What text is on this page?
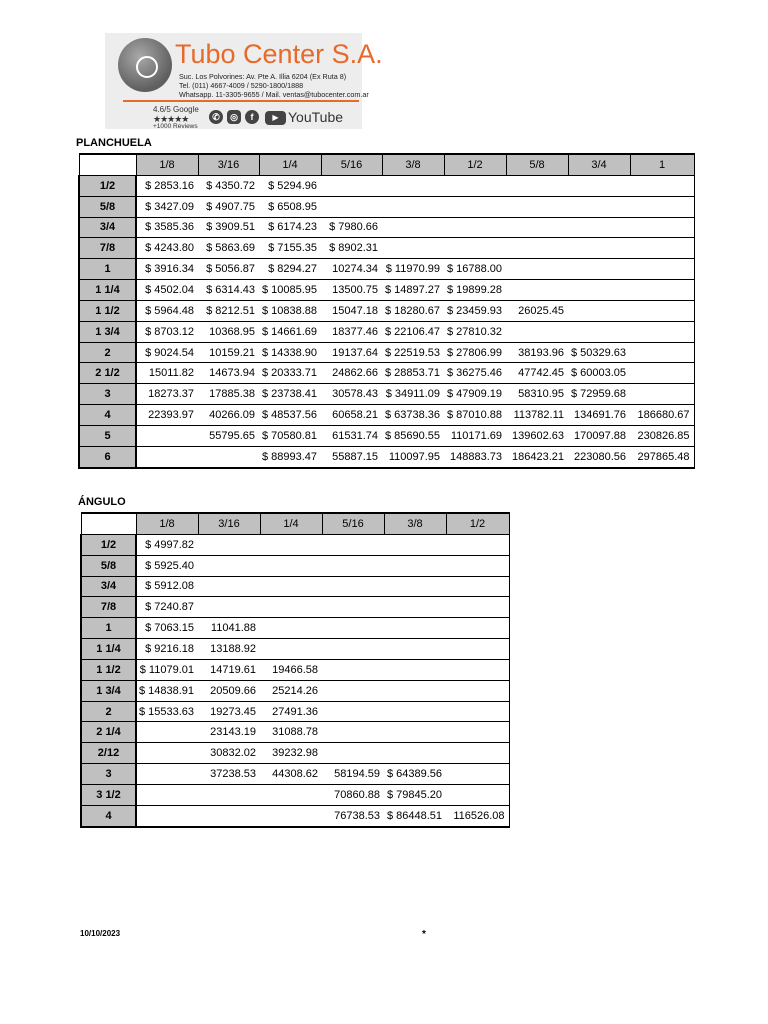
Tubo Center S.A.
Suc. Los Polvorines: Av. Pte A. Illia 6204 (Ex Ruta 8)
Tel. (011) 4667-4009 / 5290-1800/1888
Whatsapp. 11-3305-9655 / Mail. ventas@tubocenter.com.ar
4.6/5 Google
★★★★★
+1000 Reviews
✆	◎	f	▶ YouTube
PLANCHUELA
	1/8	3/16	1/4	5/16	3/8	1/2	5/8	3/4	1
1/2	$ 2853.16	$ 4350.72	$ 5294.96						
5/8	$ 3427.09	$ 4907.75	$ 6508.95						
3/4	$ 3585.36	$ 3909.51	$ 6174.23	$ 7980.66					
7/8	$ 4243.80	$ 5863.69	$ 7155.35	$ 8902.31					
1	$ 3916.34	$ 5056.87	$ 8294.27	10274.34	$ 11970.99	$ 16788.00			
1 1/4	$ 4502.04	$ 6314.43	$ 10085.95	13500.75	$ 14897.27	$ 19899.28			
1 1/2	$ 5964.48	$ 8212.51	$ 10838.88	15047.18	$ 18280.67	$ 23459.93	26025.45		
1 3/4	$ 8703.12	10368.95	$ 14661.69	18377.46	$ 22106.47	$ 27810.32			
2	$ 9024.54	10159.21	$ 14338.90	19137.64	$ 22519.53	$ 27806.99	38193.96	$ 50329.63	
2 1/2	15011.82	14673.94	$ 20333.71	24862.66	$ 28853.71	$ 36275.46	47742.45	$ 60003.05	
3	18273.37	17885.38	$ 23738.41	30578.43	$ 34911.09	$ 47909.19	58310.95	$ 72959.68	
4	22393.97	40266.09	$ 48537.56	60658.21	$ 63738.36	$ 87010.88	113782.11	134691.76	186680.67
5		55795.65	$ 70580.81	61531.74	$ 85690.55	110171.69	139602.63	170097.88	230826.85
6			$ 88993.47	55887.15	110097.95	148883.73	186423.21	223080.56	297865.48
ÁNGULO
	1/8	3/16	1/4	5/16	3/8	1/2
1/2	$ 4997.82					
5/8	$ 5925.40					
3/4	$ 5912.08					
7/8	$ 7240.87					
1	$ 7063.15	11041.88				
1 1/4	$ 9216.18	13188.92				
1 1/2	$ 11079.01	14719.61	19466.58			
1 3/4	$ 14838.91	20509.66	25214.26			
2	$ 15533.63	19273.45	27491.36			
2 1/4		23143.19	31088.78			
2/12		30832.02	39232.98			
3		37238.53	44308.62	58194.59	$ 64389.56	
3 1/2				70860.88	$ 79845.20	
4				76738.53	$ 86448.51	116526.08
10/10/2023	*
